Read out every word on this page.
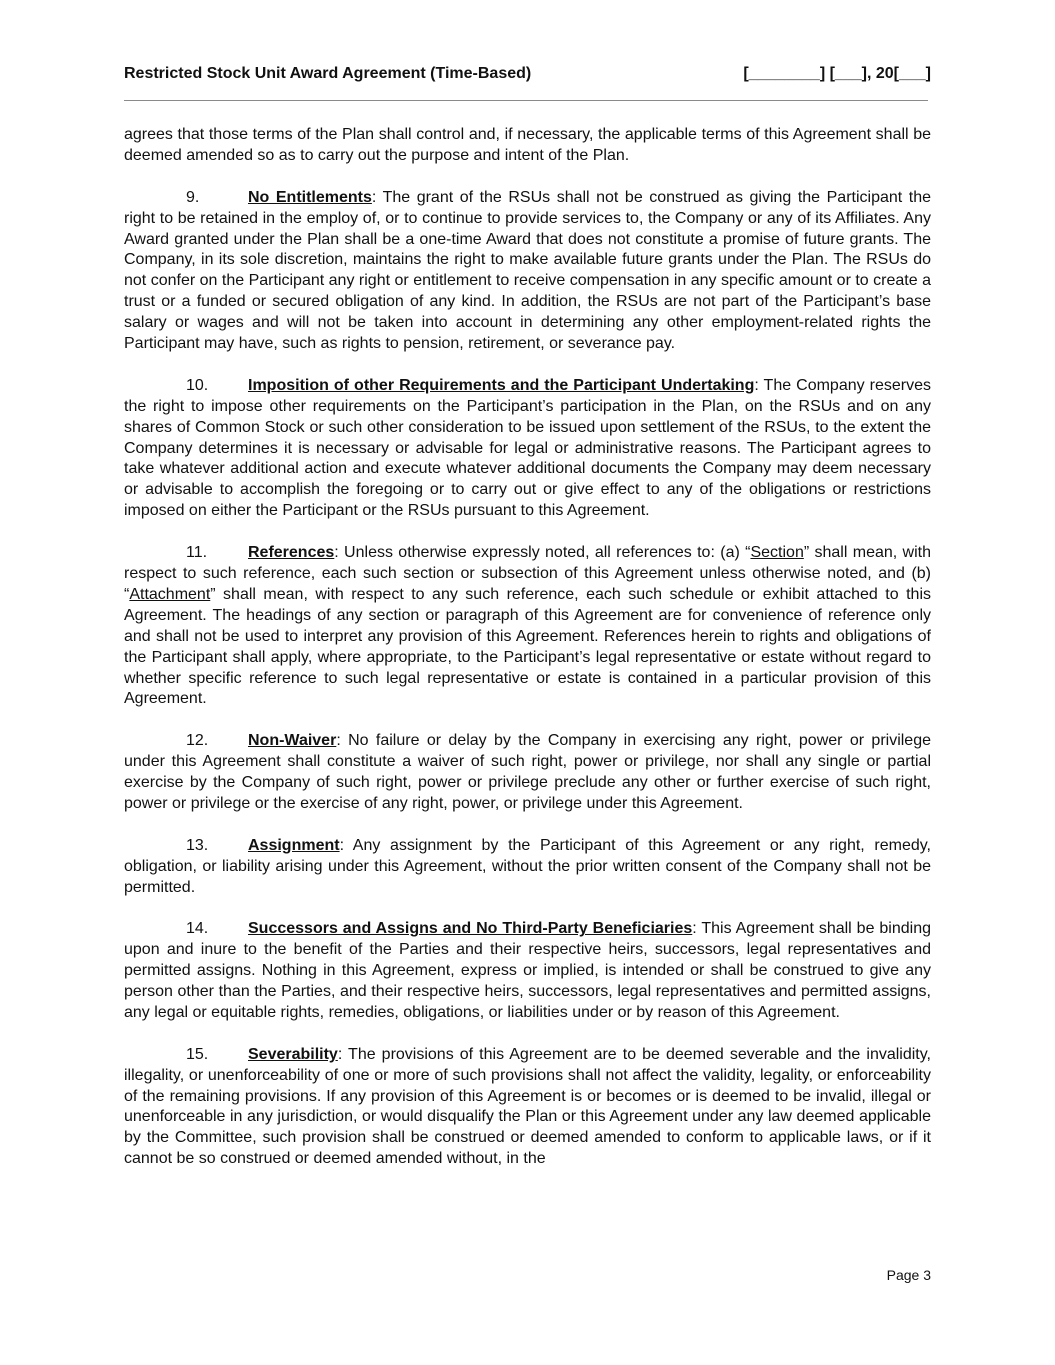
Restricted Stock Unit Award Agreement (Time-Based)	[________] [___], 20[___]

agrees that those terms of the Plan shall control and, if necessary, the applicable terms of this Agreement shall be deemed amended so as to carry out the purpose and intent of the Plan.

9.	No Entitlements: The grant of the RSUs shall not be construed as giving the Participant the right to be retained in the employ of, or to continue to provide services to, the Company or any of its Affiliates. Any Award granted under the Plan shall be a one-time Award that does not constitute a promise of future grants. The Company, in its sole discretion, maintains the right to make available future grants under the Plan. The RSUs do not confer on the Participant any right or entitlement to receive compensation in any specific amount or to create a trust or a funded or secured obligation of any kind. In addition, the RSUs are not part of the Participant’s base salary or wages and will not be taken into account in determining any other employment-related rights the Participant may have, such as rights to pension, retirement, or severance pay.

10. Imposition of other Requirements and the Participant Undertaking: The Company reserves the right to impose other requirements on the Participant’s participation in the Plan, on the RSUs and on any shares of Common Stock or such other consideration to be issued upon settlement of the RSUs, to the extent the Company determines it is necessary or advisable for legal or administrative reasons. The Participant agrees to take whatever additional action and execute whatever additional documents the Company may deem necessary or advisable to accomplish the foregoing or to carry out or give effect to any of the obligations or restrictions imposed on either the Participant or the RSUs pursuant to this Agreement.

11.	References: Unless otherwise expressly noted, all references to: (a) “Section” shall mean, with respect to such reference, each such section or subsection of this Agreement unless otherwise noted, and (b) “Attachment” shall mean, with respect to any such reference, each such schedule or exhibit attached to this Agreement. The headings of any section or paragraph of this Agreement are for convenience of reference only and shall not be used to interpret any provision of this Agreement. References herein to rights and obligations of the Participant shall apply, where appropriate, to the Participant’s legal representative or estate without regard to whether specific reference to such legal representative or estate is contained in a particular provision of this Agreement.

12. Non-Waiver: No failure or delay by the Company in exercising any right, power or privilege under this Agreement shall constitute a waiver of such right, power or privilege, nor shall any single or partial exercise by the Company of such right, power or privilege preclude any other or further exercise of such right, power or privilege or the exercise of any right, power, or privilege under this Agreement.

13. Assignment: Any assignment by the Participant of this Agreement or any right, remedy, obligation, or liability arising under this Agreement, without the prior written consent of the Company shall not be permitted.

14. Successors and Assigns and No Third-Party Beneficiaries: This Agreement shall be binding upon and inure to the benefit of the Parties and their respective heirs, successors, legal representatives and permitted assigns. Nothing in this Agreement, express or implied, is intended or shall be construed to give any person other than the Parties, and their respective heirs, successors, legal representatives and permitted assigns, any legal or equitable rights, remedies, obligations, or liabilities under or by reason of this Agreement.

15. Severability: The provisions of this Agreement are to be deemed severable and the invalidity, illegality, or unenforceability of one or more of such provisions shall not affect the validity, legality, or enforceability of the remaining provisions. If any provision of this Agreement is or becomes or is deemed to be invalid, illegal or unenforceable in any jurisdiction, or would disqualify the Plan or this Agreement under any law deemed applicable by the Committee, such provision shall be construed or deemed amended to conform to applicable laws, or if it cannot be so construed or deemed amended without, in the

Page 3
